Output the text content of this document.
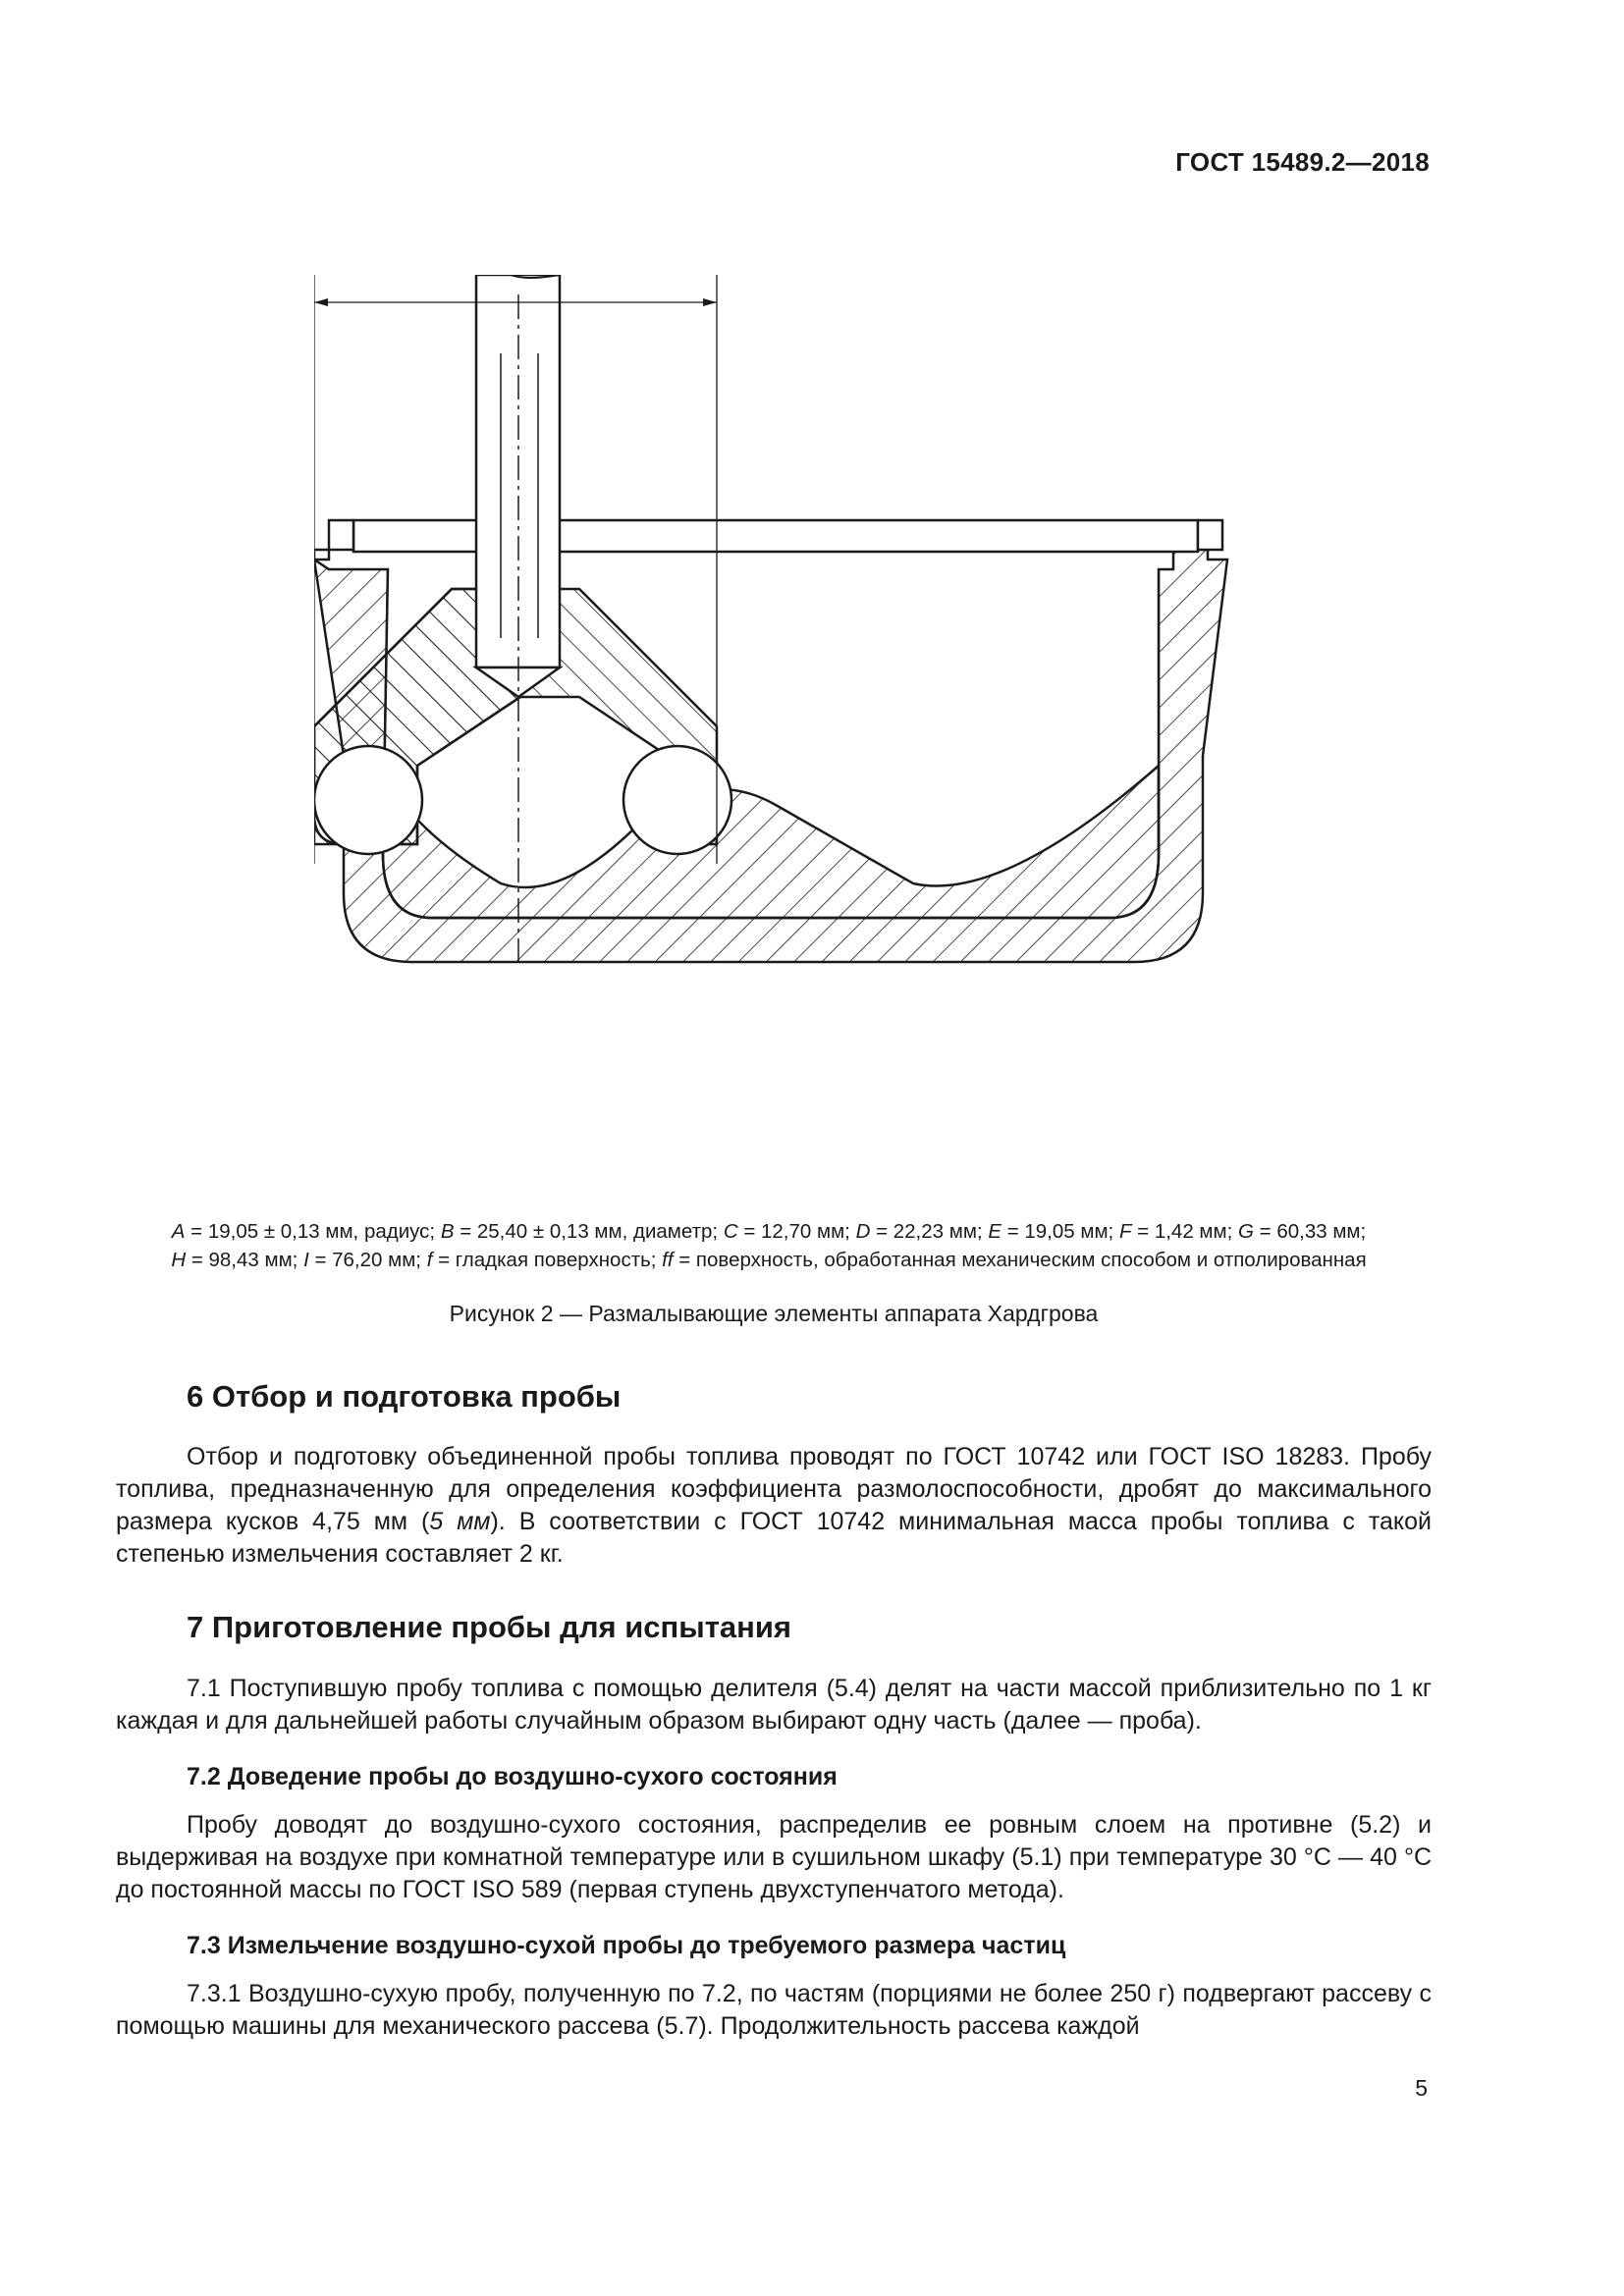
ГОСТ 15489.2—2018
A = 19,05 ± 0,13 мм, радиус; B = 25,40 ± 0,13 мм, диаметр; C = 12,70 мм; D = 22,23 мм; E = 19,05 мм; F = 1,42 мм; G = 60,33 мм;
H = 98,43 мм; I = 76,20 мм; f = гладкая поверхность; ff = поверхность, обработанная механическим способом и отполированная
Рисунок 2 — Размалывающие элементы аппарата Хардгрова
6 Отбор и подготовка пробы

Отбор и подготовку объединенной пробы топлива проводят по ГОСТ 10742 или ГОСТ ISO 18283. Пробу топлива, предназначенную для определения коэффициента размолоспособности, дробят до максимального размера кусков 4,75 мм (5 мм). В соответствии с ГОСТ 10742 минимальная масса пробы топлива с такой степенью измельчения составляет 2 кг.

7 Приготовление пробы для испытания

7.1 Поступившую пробу топлива с помощью делителя (5.4) делят на части массой приблизительно по 1 кг каждая и для дальнейшей работы случайным образом выбирают одну часть (далее — проба).

7.2 Доведение пробы до воздушно-сухого состояния

Пробу доводят до воздушно-сухого состояния, распределив ее ровным слоем на противне (5.2) и выдерживая на воздухе при комнатной температуре или в сушильном шкафу (5.1) при температуре 30 °С — 40 °С до постоянной массы по ГОСТ ISO 589 (первая ступень двухступенчатого метода).

7.3 Измельчение воздушно-сухой пробы до требуемого размера частиц

7.3.1 Воздушно-сухую пробу, полученную по 7.2, по частям (порциями не более 250 г) подвергают рассеву с помощью машины для механического рассева (5.7). Продолжительность рассева каждой

5
